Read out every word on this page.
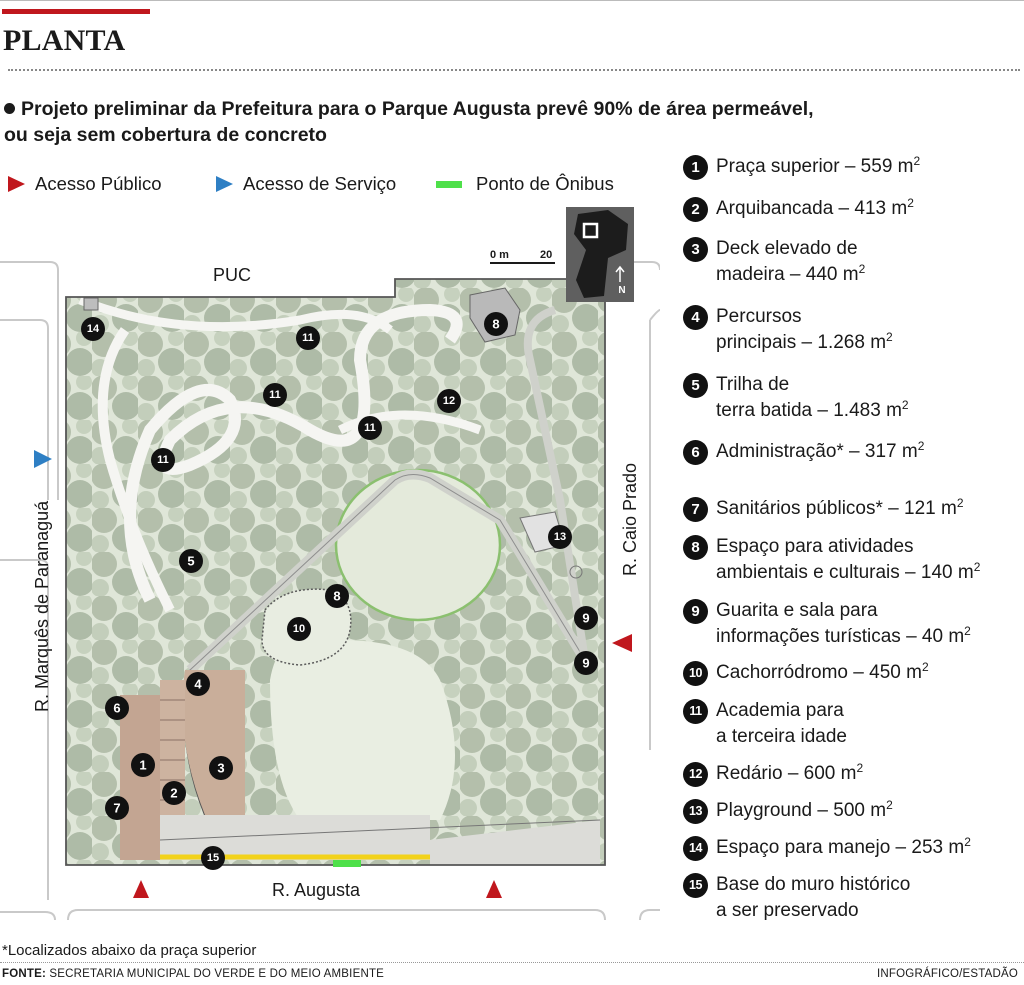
PLANTA
Projeto preliminar da Prefeitura para o Parque Augusta prevê 90% de área permeável,
ou seja sem cobertura de concreto
Acesso Público	Acesso de Serviço	Ponto de Ônibus
PUC
R. Augusta
R. Marquês de Paranaguá	R. Caio Prado
0 m	20
N
14
11
11
11
11
12
8
8
5
10
13
9
9
4
6
1
2
3
7
15
1 Praça superior – 559 $m^2$
2 Arquibancada – 413 $m^2$
3 Deck elevado de
madeira – 440 $m^2$
4 Percursos
principais – 1.268 $m^2$
5 Trilha de
terra batida – 1.483 $m^2$
6 Administração* – 317 $m^2$
7 Sanitários públicos* – 121 $m^2$
8 Espaço para atividades
ambientais e culturais – 140 $m^2$
9 Guarita e sala para
informações turísticas – 40 $m^2$
10 Cachorródromo – 450 $m^2$
11 Academia para
a terceira idade
12 Redário – 600 $m^2$
13 Playground – 500 $m^2$
14 Espaço para manejo – 253 $m^2$
15 Base do muro histórico
a ser preservado
*Localizados abaixo da praça superior
FONTE: SECRETARIA MUNICIPAL DO VERDE E DO MEIO AMBIENTE	INFOGRÁFICO/ESTADÃO
